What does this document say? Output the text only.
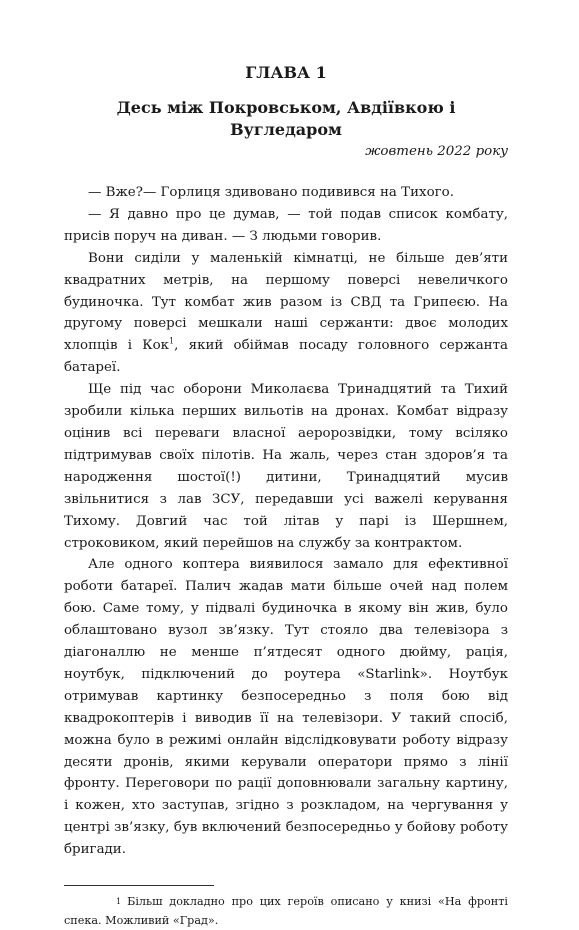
ГЛАВА 1
Десь між Покровськом, Авдіївкою і Вугледаром
жовтень 2022 року

— Вже?— Горлиця здивовано подивився на Тихого.

— Я давно про це думав, — той подав список комбату, присів поруч на диван. — З людьми говорив.

Вони сиділи у маленькій кімнатці, не більше дев’яти квадратних метрів, на першому поверсі невеличкого будиночка. Тут комбат жив разом із СВД та Грипеєю. На другому поверсі мешкали наші сержанти: двоє молодих хлопців і Кок$^1$, який обіймав посаду головного сержанта батареї.

Ще під час оборони Миколаєва Тринадцятий та Тихий зробили кілька перших вильотів на дронах. Комбат відразу оцінив всі переваги власної аеророзвідки, тому всіляко підтримував своїх пілотів. На жаль, через стан здоров’я та народження шостої(!) дитини, Тринадцятий мусив звільнитися з лав ЗСУ, передавши усі важелі керування Тихому. Довгий час той літав у парі із Шершнем, строковиком, який перейшов на службу за контрактом.

Але одного коптера виявилося замало для ефективної роботи батареї. Палич жадав мати більше очей над полем бою. Саме тому, у підвалі будиночка в якому він жив, було облаштовано вузол зв’язку. Тут стояло два телевізора з діагоналлю не менше п’ятдесят одного дюйму, рація, ноутбук, підключений до роутера «Starlink». Ноутбук отримував картинку безпосередньо з поля бою від квадрокоптерів і виводив її на телевізори. У такий спосіб, можна було в режимі онлайн відслідковувати роботу відразу десяти дронів, якими керували оператори прямо з лінії фронту. Переговори по рації доповнювали загальну картину, і кожен, хто заступав, згідно з розкладом, на чергування у центрі зв’язку, був включений безпосередньо у бойову роботу бригади.

1 Більш докладно про цих героїв описано у книзі «На фронті спека. Можливий «Град».
